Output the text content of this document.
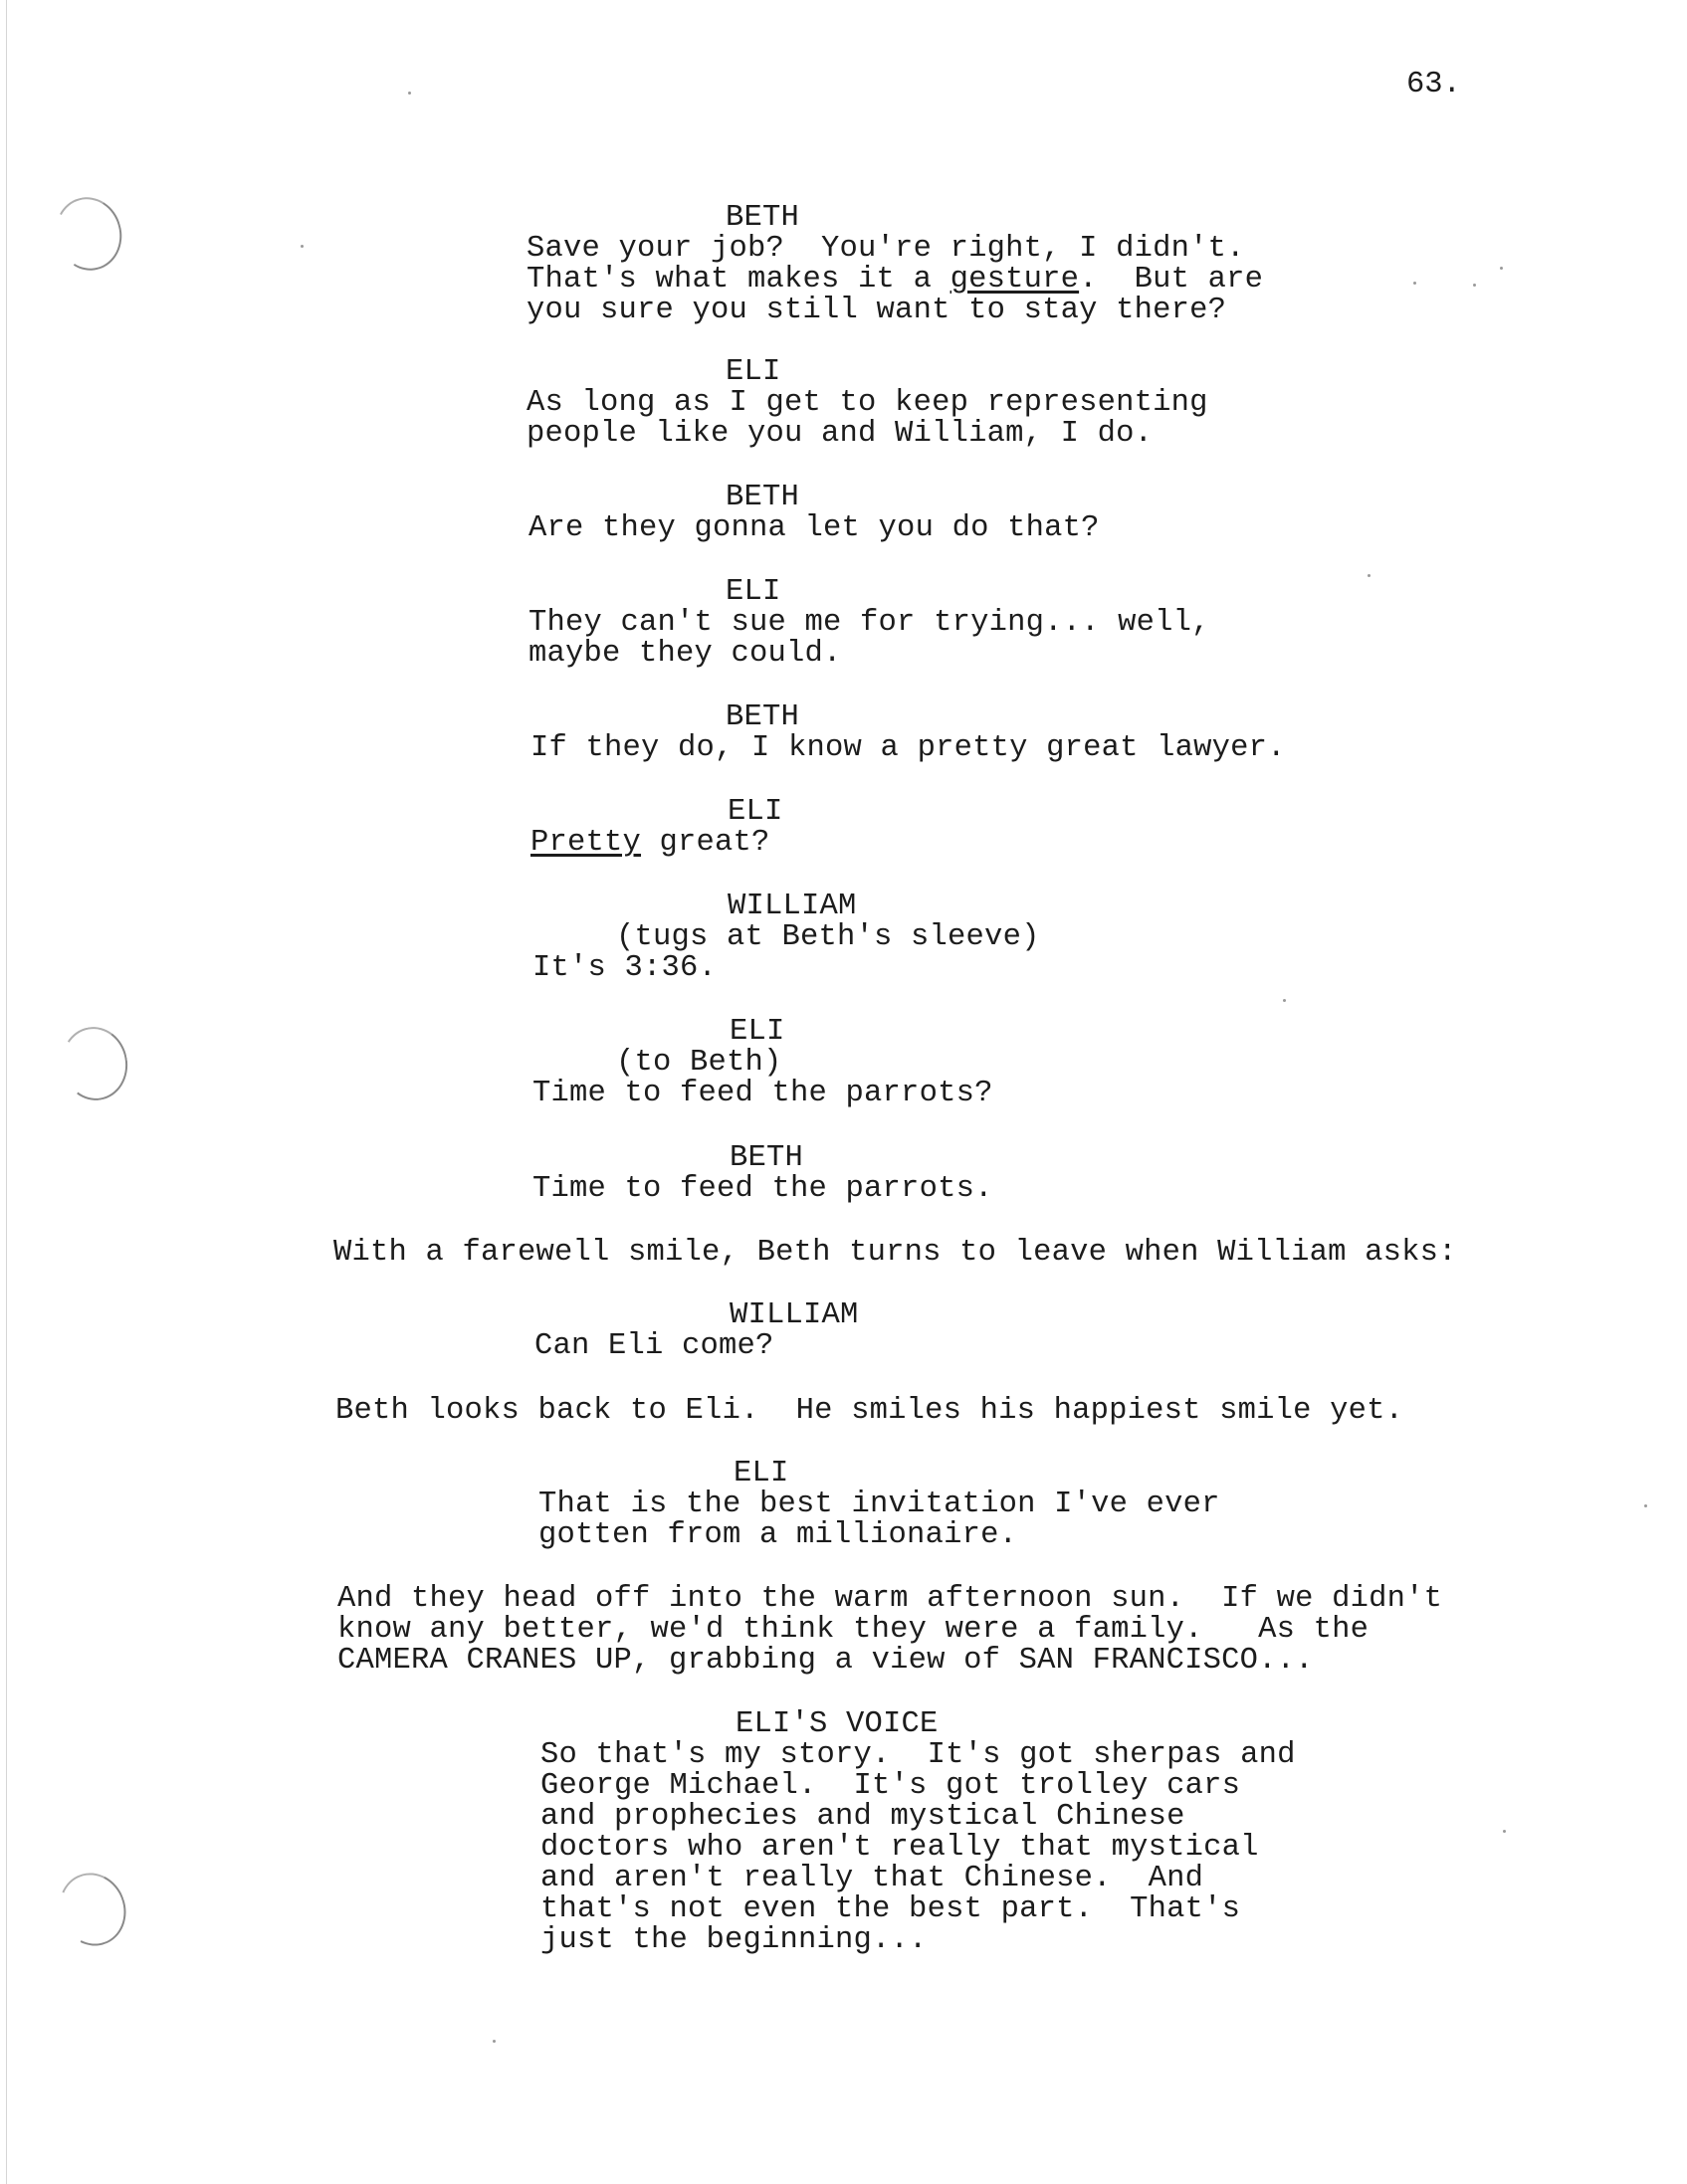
63.
BETH
Save your job?  You're right, I didn't.
That's what makes it a gesture.  But are
you sure you still want to stay there?
ELI
As long as I get to keep representing
people like you and William, I do.
BETH
Are they gonna let you do that?
ELI
They can't sue me for trying... well,
maybe they could.
BETH
If they do, I know a pretty great lawyer.
ELI
Pretty great?
WILLIAM
(tugs at Beth's sleeve)
It's 3:36.
ELI
(to Beth)
Time to feed the parrots?
BETH
Time to feed the parrots.
With a farewell smile, Beth turns to leave when William asks:
WILLIAM
Can Eli come?
Beth looks back to Eli.  He smiles his happiest smile yet.
ELI
That is the best invitation I've ever
gotten from a millionaire.
And they head off into the warm afternoon sun.  If we didn't
know any better, we'd think they were a family.   As the
CAMERA CRANES UP, grabbing a view of SAN FRANCISCO...
ELI'S VOICE
So that's my story.  It's got sherpas and
George Michael.  It's got trolley cars
and prophecies and mystical Chinese
doctors who aren't really that mystical
and aren't really that Chinese.  And
that's not even the best part.  That's
just the beginning...
